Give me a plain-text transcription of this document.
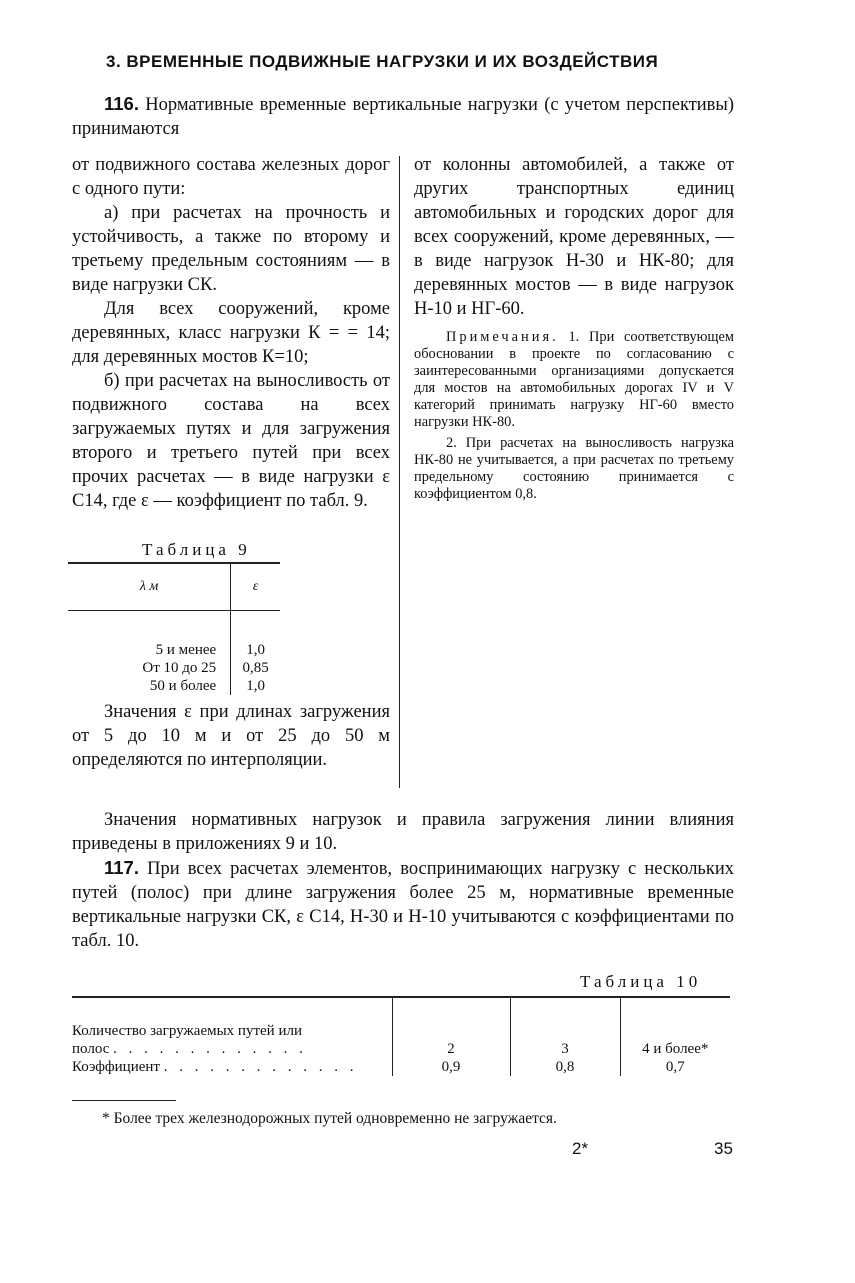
3. ВРЕМЕННЫЕ ПОДВИЖНЫЕ НАГРУЗКИ И ИХ ВОЗДЕЙСТВИЯ

116. Нормативные временные вертикальные нагрузки (с учетом перспективы) принимаются

от подвижного состава железных дорог с одного пути:

а) при расчетах на прочность и устойчивость, а также по второму и третьему предельным состояниям — в виде нагрузки СК.

Для всех сооружений, кроме деревянных, класс нагрузки К = = 14; для деревянных мостов К=10;

б) при расчетах на выносливость от подвижного состава на всех загружаемых путях и для загружения второго и третьего путей при всех прочих расчетах — в виде нагрузки ε С14, где ε — коэффициент по табл. 9.

от колонны автомобилей, а также от других транспортных единиц автомобильных и городских дорог для всех сооружений, кроме деревянных, — в виде нагрузок Н-30 и НК-80; для деревянных мостов — в виде нагрузок Н-10 и НГ-60.

Примечания. 1. При соответствующем обосновании в проекте по согласованию с заинтересованными организациями допускается для мостов на автомобильных дорогах IV и V категорий принимать нагрузку НГ-60 вместо нагрузки НК-80.

2. При расчетах на выносливость нагрузка НК-80 не учитывается, а при расчетах по третьему предельному состоянию принимается с коэффициентом 0,8.

Таблица 9
λ м	ε

5 и менее	1,0
От 10 до 25	0,85
50 и более	1,0

Значения ε при длинах загружения от 5 до 10 м и от 25 до 50 м определяются по интерполяции.

Значения нормативных нагрузок и правила загружения линии влияния приведены в приложениях 9 и 10.

117. При всех расчетах элементов, воспринимающих нагрузку с нескольких путей (полос) при длине загружения более 25 м, нормативные временные вертикальные нагрузки СК, ε С14, Н-30 и Н-10 учитываются с коэффициентами по табл. 10.

Таблица 10

Количество загружаемых путей или			
полос . . . . . . . . . . . . .	2	3	4 и более*
Коэффициент . . . . . . . . . . . . .	0,9	0,8	0,7
* Более трех железнодорожных путей одновременно не загружается.
2*	35
